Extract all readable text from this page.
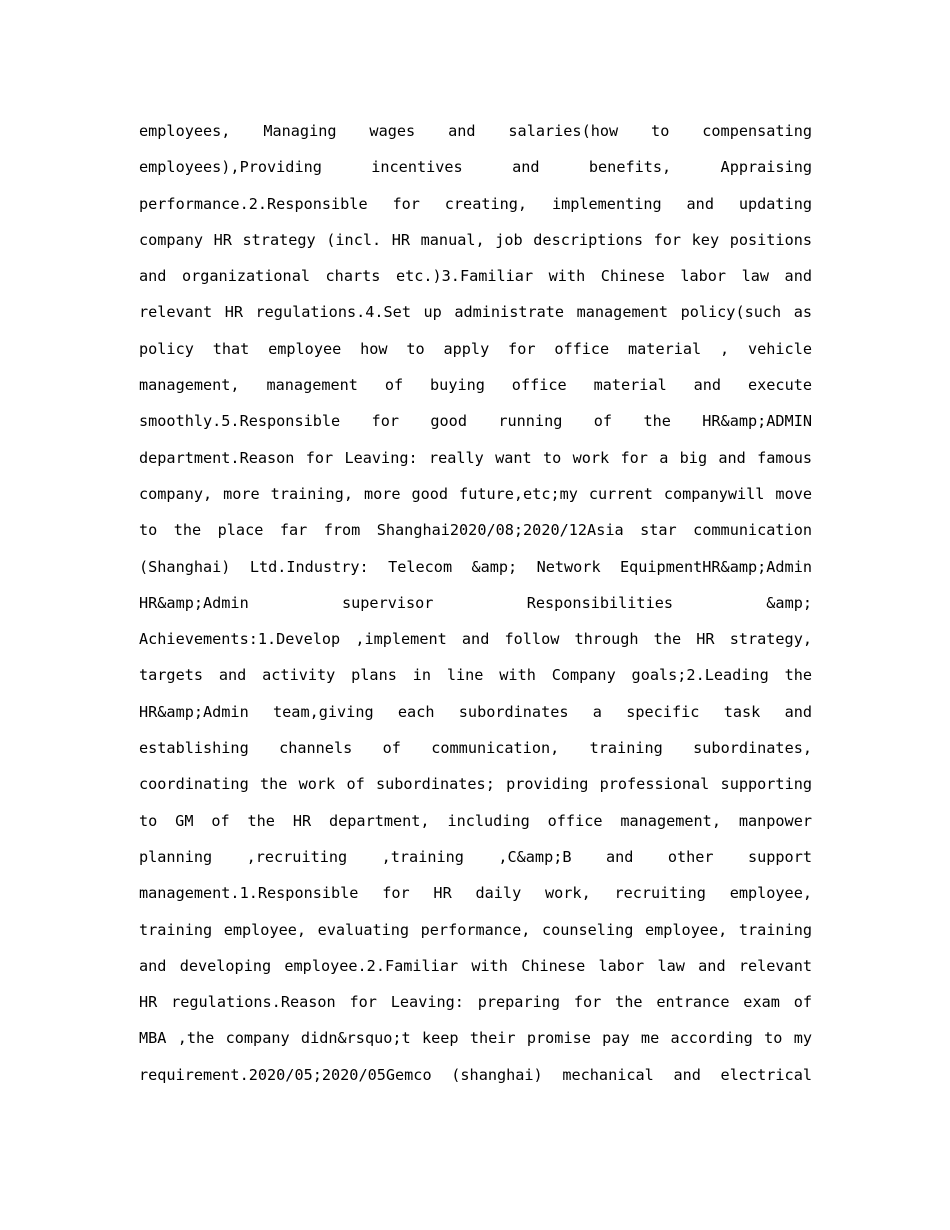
employees, Managing wages and salaries(how to compensating
employees),Providing incentives and benefits, Appraising
performance.2.Responsible for creating, implementing and updating
company HR strategy (incl. HR manual, job descriptions for key positions
and organizational charts etc.)3.Familiar with Chinese labor law and
relevant HR regulations.4.Set up administrate management policy(such as
policy that employee how to apply for office material , vehicle
management, management of buying office material and execute
smoothly.5.Responsible for good running of the HR&amp;ADMIN
department.Reason for Leaving: really want to work for a big and famous
company, more training, more good future,etc;my current companywill move
to the place far from Shanghai2020/08;2020/12Asia star communication
(Shanghai) Ltd.Industry: Telecom &amp; Network EquipmentHR&amp;Admin
HR&amp;Admin supervisor Responsibilities &amp;
Achievements:1.Develop ,implement and follow through the HR strategy,
targets and activity plans in line with Company goals;2.Leading the
HR&amp;Admin team,giving each subordinates a specific task and
establishing channels of communication, training subordinates,
coordinating the work of subordinates; providing professional supporting
to GM of the HR department, including office management, manpower
planning ,recruiting ,training ,C&amp;B and other support
management.1.Responsible for HR daily work, recruiting employee,
training employee, evaluating performance, counseling employee, training
and developing employee.2.Familiar with Chinese labor law and relevant
HR regulations.Reason for Leaving: preparing for the entrance exam of
MBA ,the company didn&rsquo;t keep their promise pay me according to my
requirement.2020/05;2020/05Gemco (shanghai) mechanical and electrical
